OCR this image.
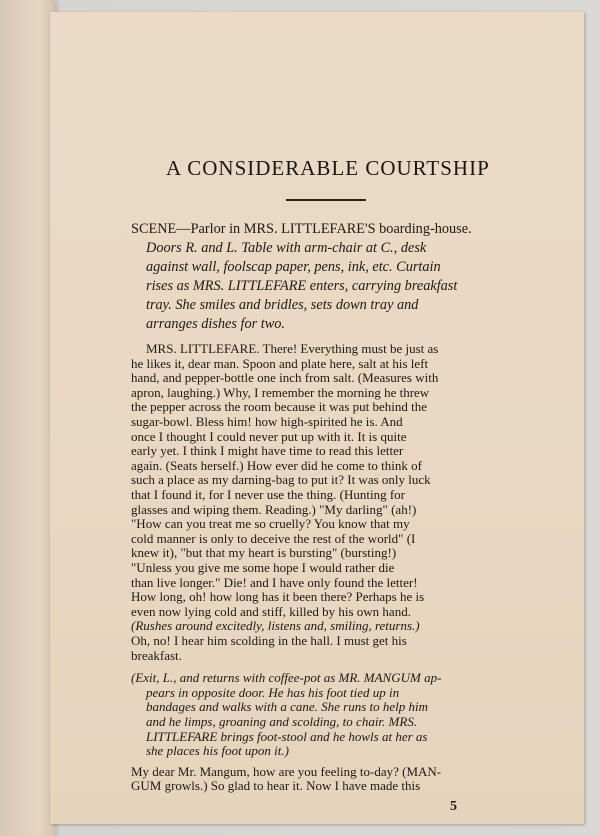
A CONSIDERABLE COURTSHIP
SCENE—Parlor in MRS. LITTLEFARE'S boarding-house.
Doors R. and L. Table with arm-chair at C., desk
against wall, foolscap paper, pens, ink, etc. Curtain
rises as MRS. LITTLEFARE enters, carrying breakfast
tray. She smiles and bridles, sets down tray and
arranges dishes for two.
MRS. LITTLEFARE. There! Everything must be just as
he likes it, dear man. Spoon and plate here, salt at his left
hand, and pepper-bottle one inch from salt. (Measures with
apron, laughing.) Why, I remember the morning he threw
the pepper across the room because it was put behind the
sugar-bowl. Bless him! how high-spirited he is. And
once I thought I could never put up with it. It is quite
early yet. I think I might have time to read this letter
again. (Seats herself.) How ever did he come to think of
such a place as my darning-bag to put it? It was only luck
that I found it, for I never use the thing. (Hunting for
glasses and wiping them. Reading.) "My darling" (ah!)
"How can you treat me so cruelly? You know that my
cold manner is only to deceive the rest of the world" (I
knew it), "but that my heart is bursting" (bursting!)
"Unless you give me some hope I would rather die
than live longer." Die! and I have only found the letter!
How long, oh! how long has it been there? Perhaps he is
even now lying cold and stiff, killed by his own hand.
(Rushes around excitedly, listens and, smiling, returns.)
Oh, no! I hear him scolding in the hall. I must get his
breakfast.
5
(Exit, L., and returns with coffee-pot as MR. MANGUM ap-
pears in opposite door. He has his foot tied up in
bandages and walks with a cane. She runs to help him
and he limps, groaning and scolding, to chair. MRS.
LITTLEFARE brings foot-stool and he howls at her as
she places his foot upon it.)
My dear Mr. Mangum, how are you feeling to-day? (MAN-
GUM growls.) So glad to hear it. Now I have made this
